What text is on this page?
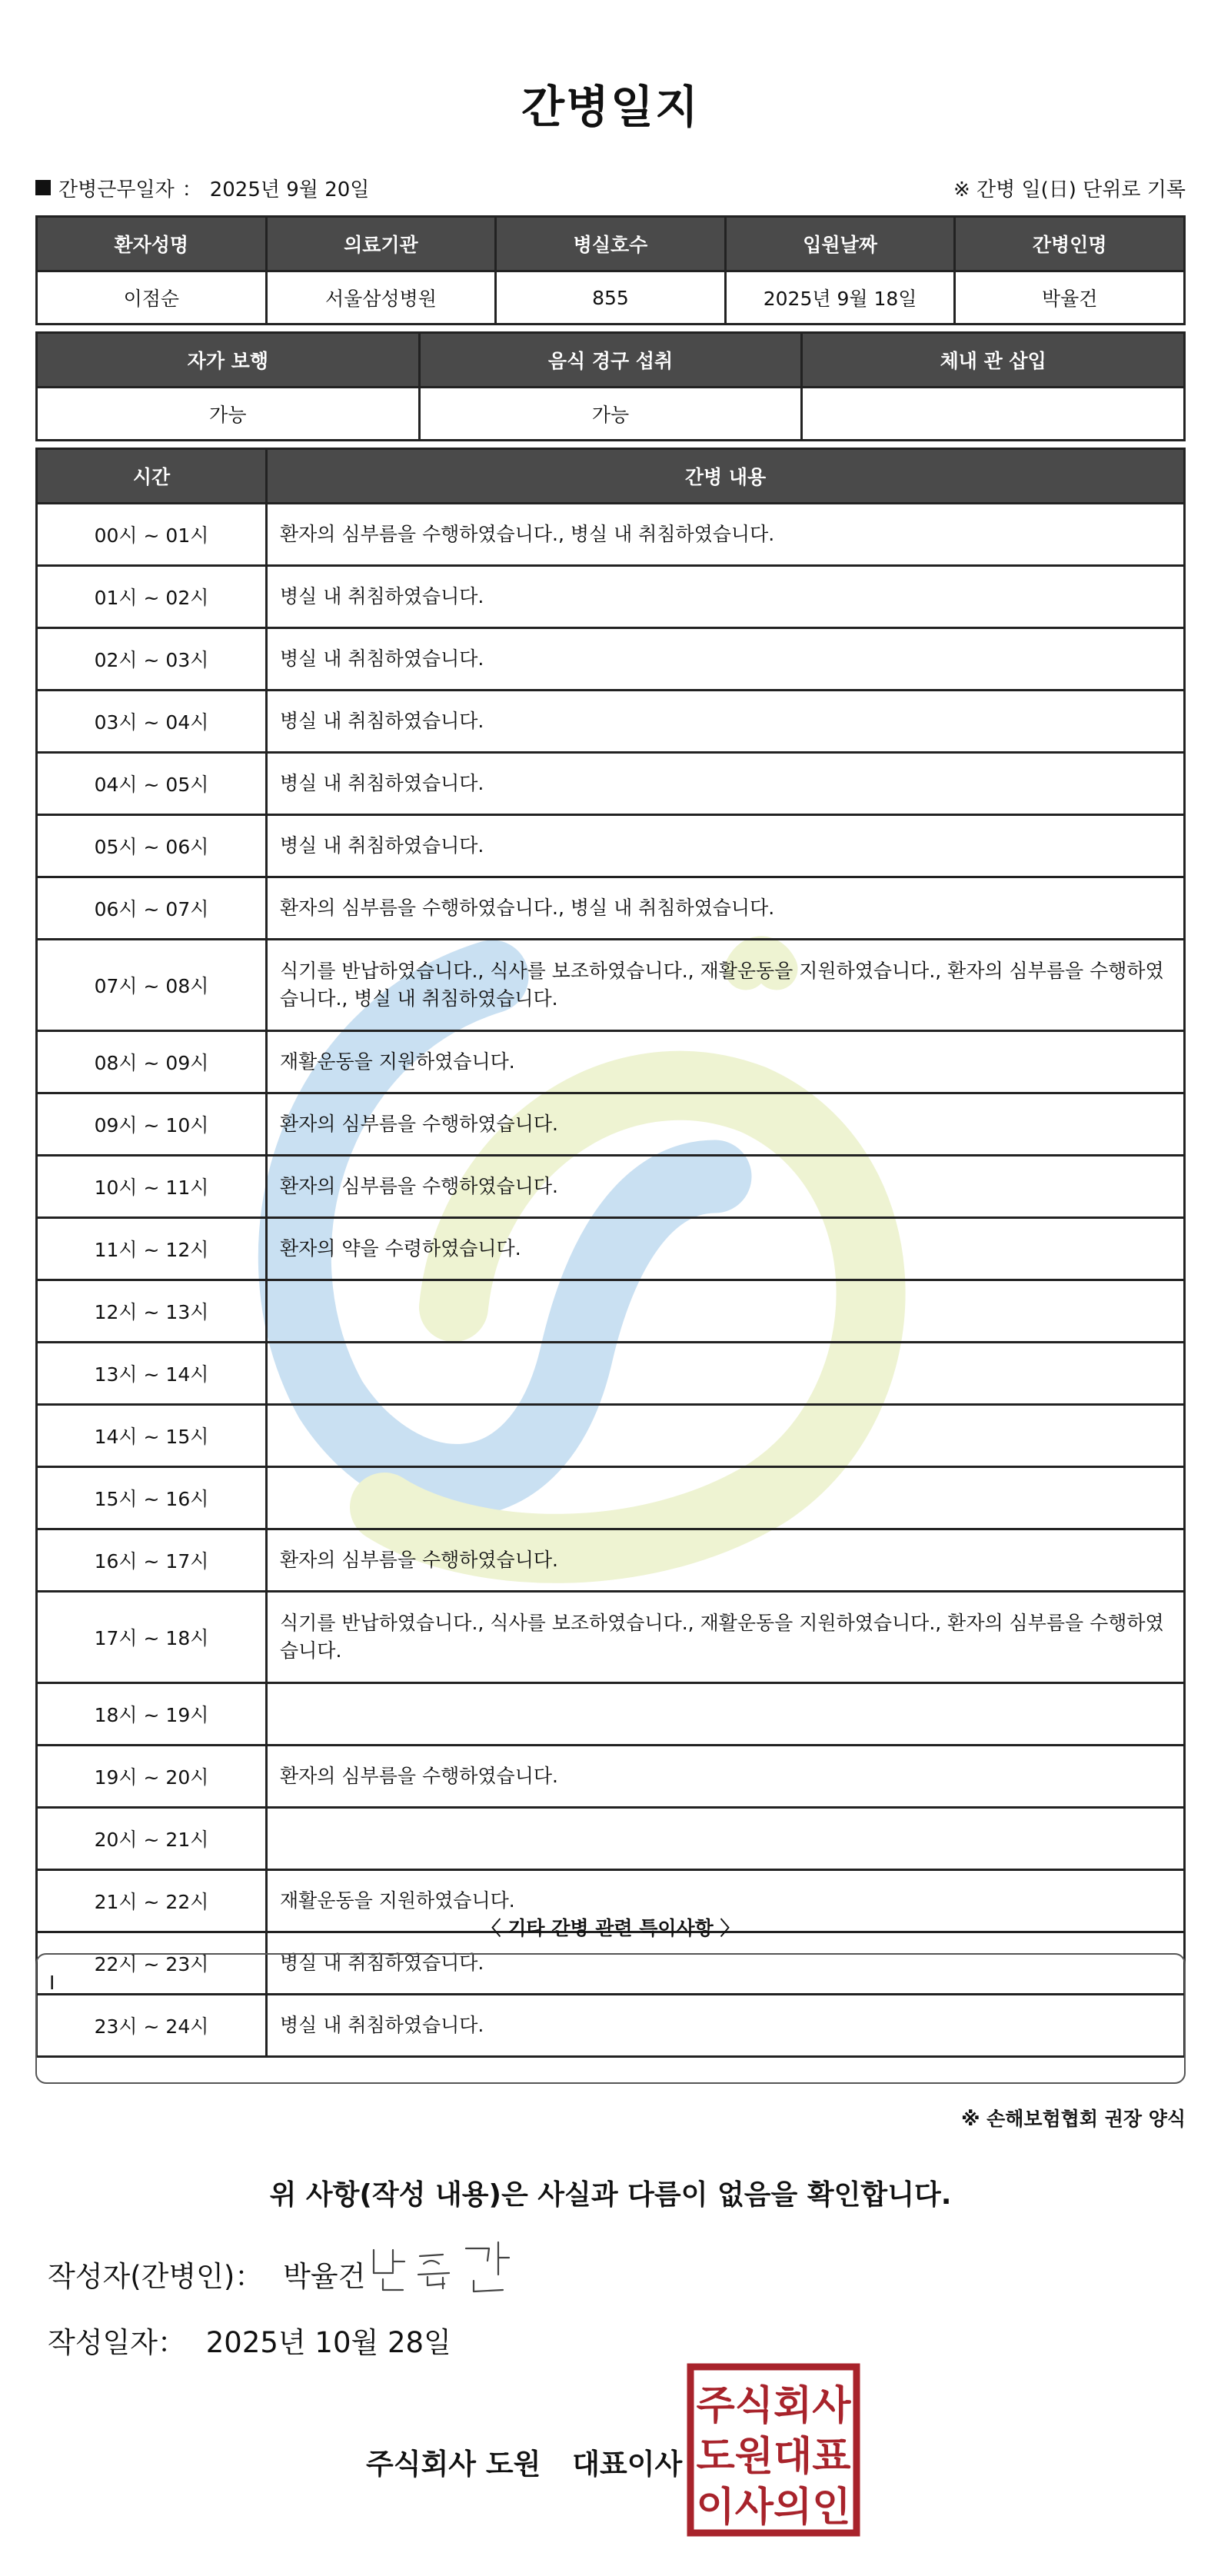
간병일지
간병근무일자 ： 2025년 9월 20일	※ 간병 일(日) 단위로 기록
환자성명	의료기관	병실호수	입원날짜	간병인명
이점순	서울삼성병원	855	2025년 9월 18일	박율건
자가 보행	음식 경구 섭취	체내 관 삽입
가능	가능	
시간	간병 내용
00시 ~ 01시	환자의 심부름을 수행하였습니다., 병실 내 취침하였습니다.
01시 ~ 02시	병실 내 취침하였습니다.
02시 ~ 03시	병실 내 취침하였습니다.
03시 ~ 04시	병실 내 취침하였습니다.
04시 ~ 05시	병실 내 취침하였습니다.
05시 ~ 06시	병실 내 취침하였습니다.
06시 ~ 07시	환자의 심부름을 수행하였습니다., 병실 내 취침하였습니다.
07시 ~ 08시	식기를 반납하였습니다., 식사를 보조하였습니다., 재활운동을 지원하였습니다., 환자의 심부름을 수행하였습니다., 병실 내 취침하였습니다.
08시 ~ 09시	재활운동을 지원하였습니다.
09시 ~ 10시	환자의 심부름을 수행하였습니다.
10시 ~ 11시	환자의 심부름을 수행하였습니다.
11시 ~ 12시	환자의 약을 수령하였습니다.
12시 ~ 13시	
13시 ~ 14시	
14시 ~ 15시	
15시 ~ 16시	
16시 ~ 17시	환자의 심부름을 수행하였습니다.
17시 ~ 18시	식기를 반납하였습니다., 식사를 보조하였습니다., 재활운동을 지원하였습니다., 환자의 심부름을 수행하였습니다.
18시 ~ 19시	
19시 ~ 20시	환자의 심부름을 수행하였습니다.
20시 ~ 21시	
21시 ~ 22시	재활운동을 지원하였습니다.
22시 ~ 23시	병실 내 취침하였습니다.
23시 ~ 24시	병실 내 취침하였습니다.
〈 기타 간병 관련 특이사항 〉
I
※ 손해보험협회 권장 양식
위 사항(작성 내용)은 사실과 다름이 없음을 확인합니다.
작성자(간병인)： 박율건
작성일자： 2025년 10월 28일
주식회사 도원 대표이사
주식회사
도원대표
이사의인
